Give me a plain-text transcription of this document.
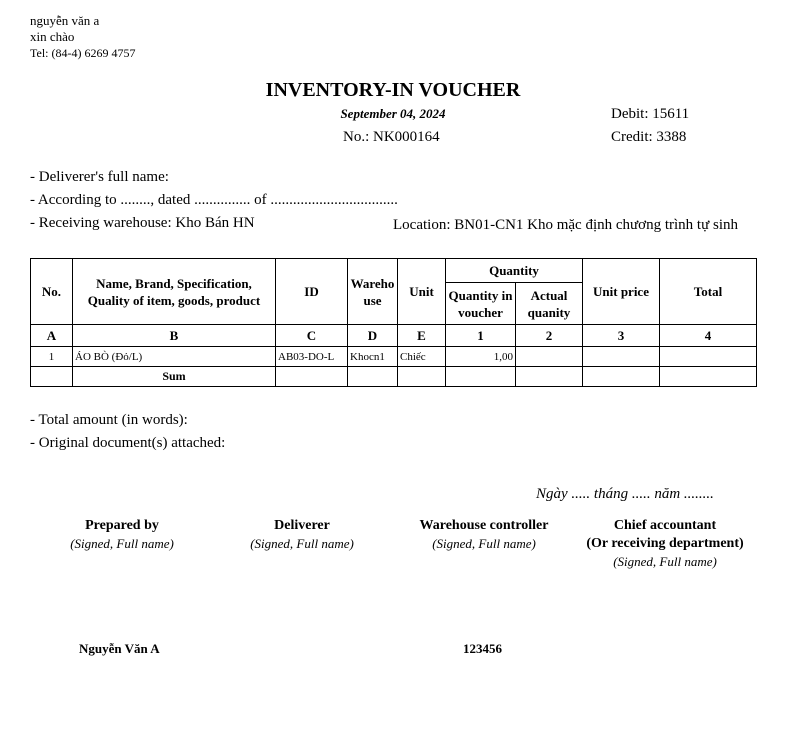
nguyễn văn a
xin chào
Tel: (84-4) 6269 4757
INVENTORY-IN VOUCHER
September 04, 2024
No.: NK000164
Debit: 15611
Credit: 3388
- Deliverer's full name:
- According to ........, dated ............... of ..................................
- Receiving warehouse: Kho Bán HN	Location: BN01-CN1 Kho mặc định chương trình tự sinh
No.	Name, Brand, Specification, Quality of item, goods, product	ID	Warehouse	Unit	Quantity		Unit price	Total
					Quantity in voucher	Actual quanity		
A	B	C	D	E	1	2	3	4
1	ÁO BÒ (Đỏ/L)	AB03-DO-L	Khocn1	Chiếc	1,00			
	Sum							
- Total amount (in words):
- Original document(s) attached:
Ngày ..... tháng ..... năm ........
Prepared by
(Signed, Full name)
Deliverer
(Signed, Full name)
Warehouse controller
(Signed, Full name)
Chief accountant
(Or receiving department)
(Signed, Full name)
Nguyễn Văn A	123456
